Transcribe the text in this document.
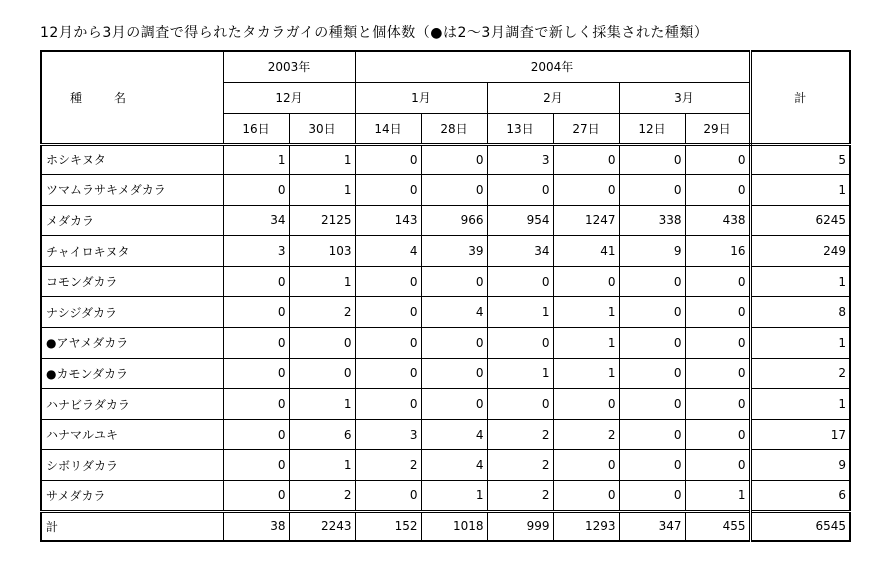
12月から3月の調査で得られたタカラガイの種類と個体数（●は2～3月調査で新しく採集された種類）
種　名	2003年		2004年						計
	12月		1月		2月		3月		
	16日	30日	14日	28日	13日	27日	12日	29日	
ホシキヌタ	1	1	0	0	3	0	0	0	5
ツマムラサキメダカラ	0	1	0	0	0	0	0	0	1
メダカラ	34	2125	143	966	954	1247	338	438	6245
チャイロキヌタ	3	103	4	39	34	41	9	16	249
コモンダカラ	0	1	0	0	0	0	0	0	1
ナシジダカラ	0	2	0	4	1	1	0	0	8
●アヤメダカラ	0	0	0	0	0	1	0	0	1
●カモンダカラ	0	0	0	0	1	1	0	0	2
ハナビラダカラ	0	1	0	0	0	0	0	0	1
ハナマルユキ	0	6	3	4	2	2	0	0	17
シボリダカラ	0	1	2	4	2	0	0	0	9
サメダカラ	0	2	0	1	2	0	0	1	6
計	38	2243	152	1018	999	1293	347	455	6545
